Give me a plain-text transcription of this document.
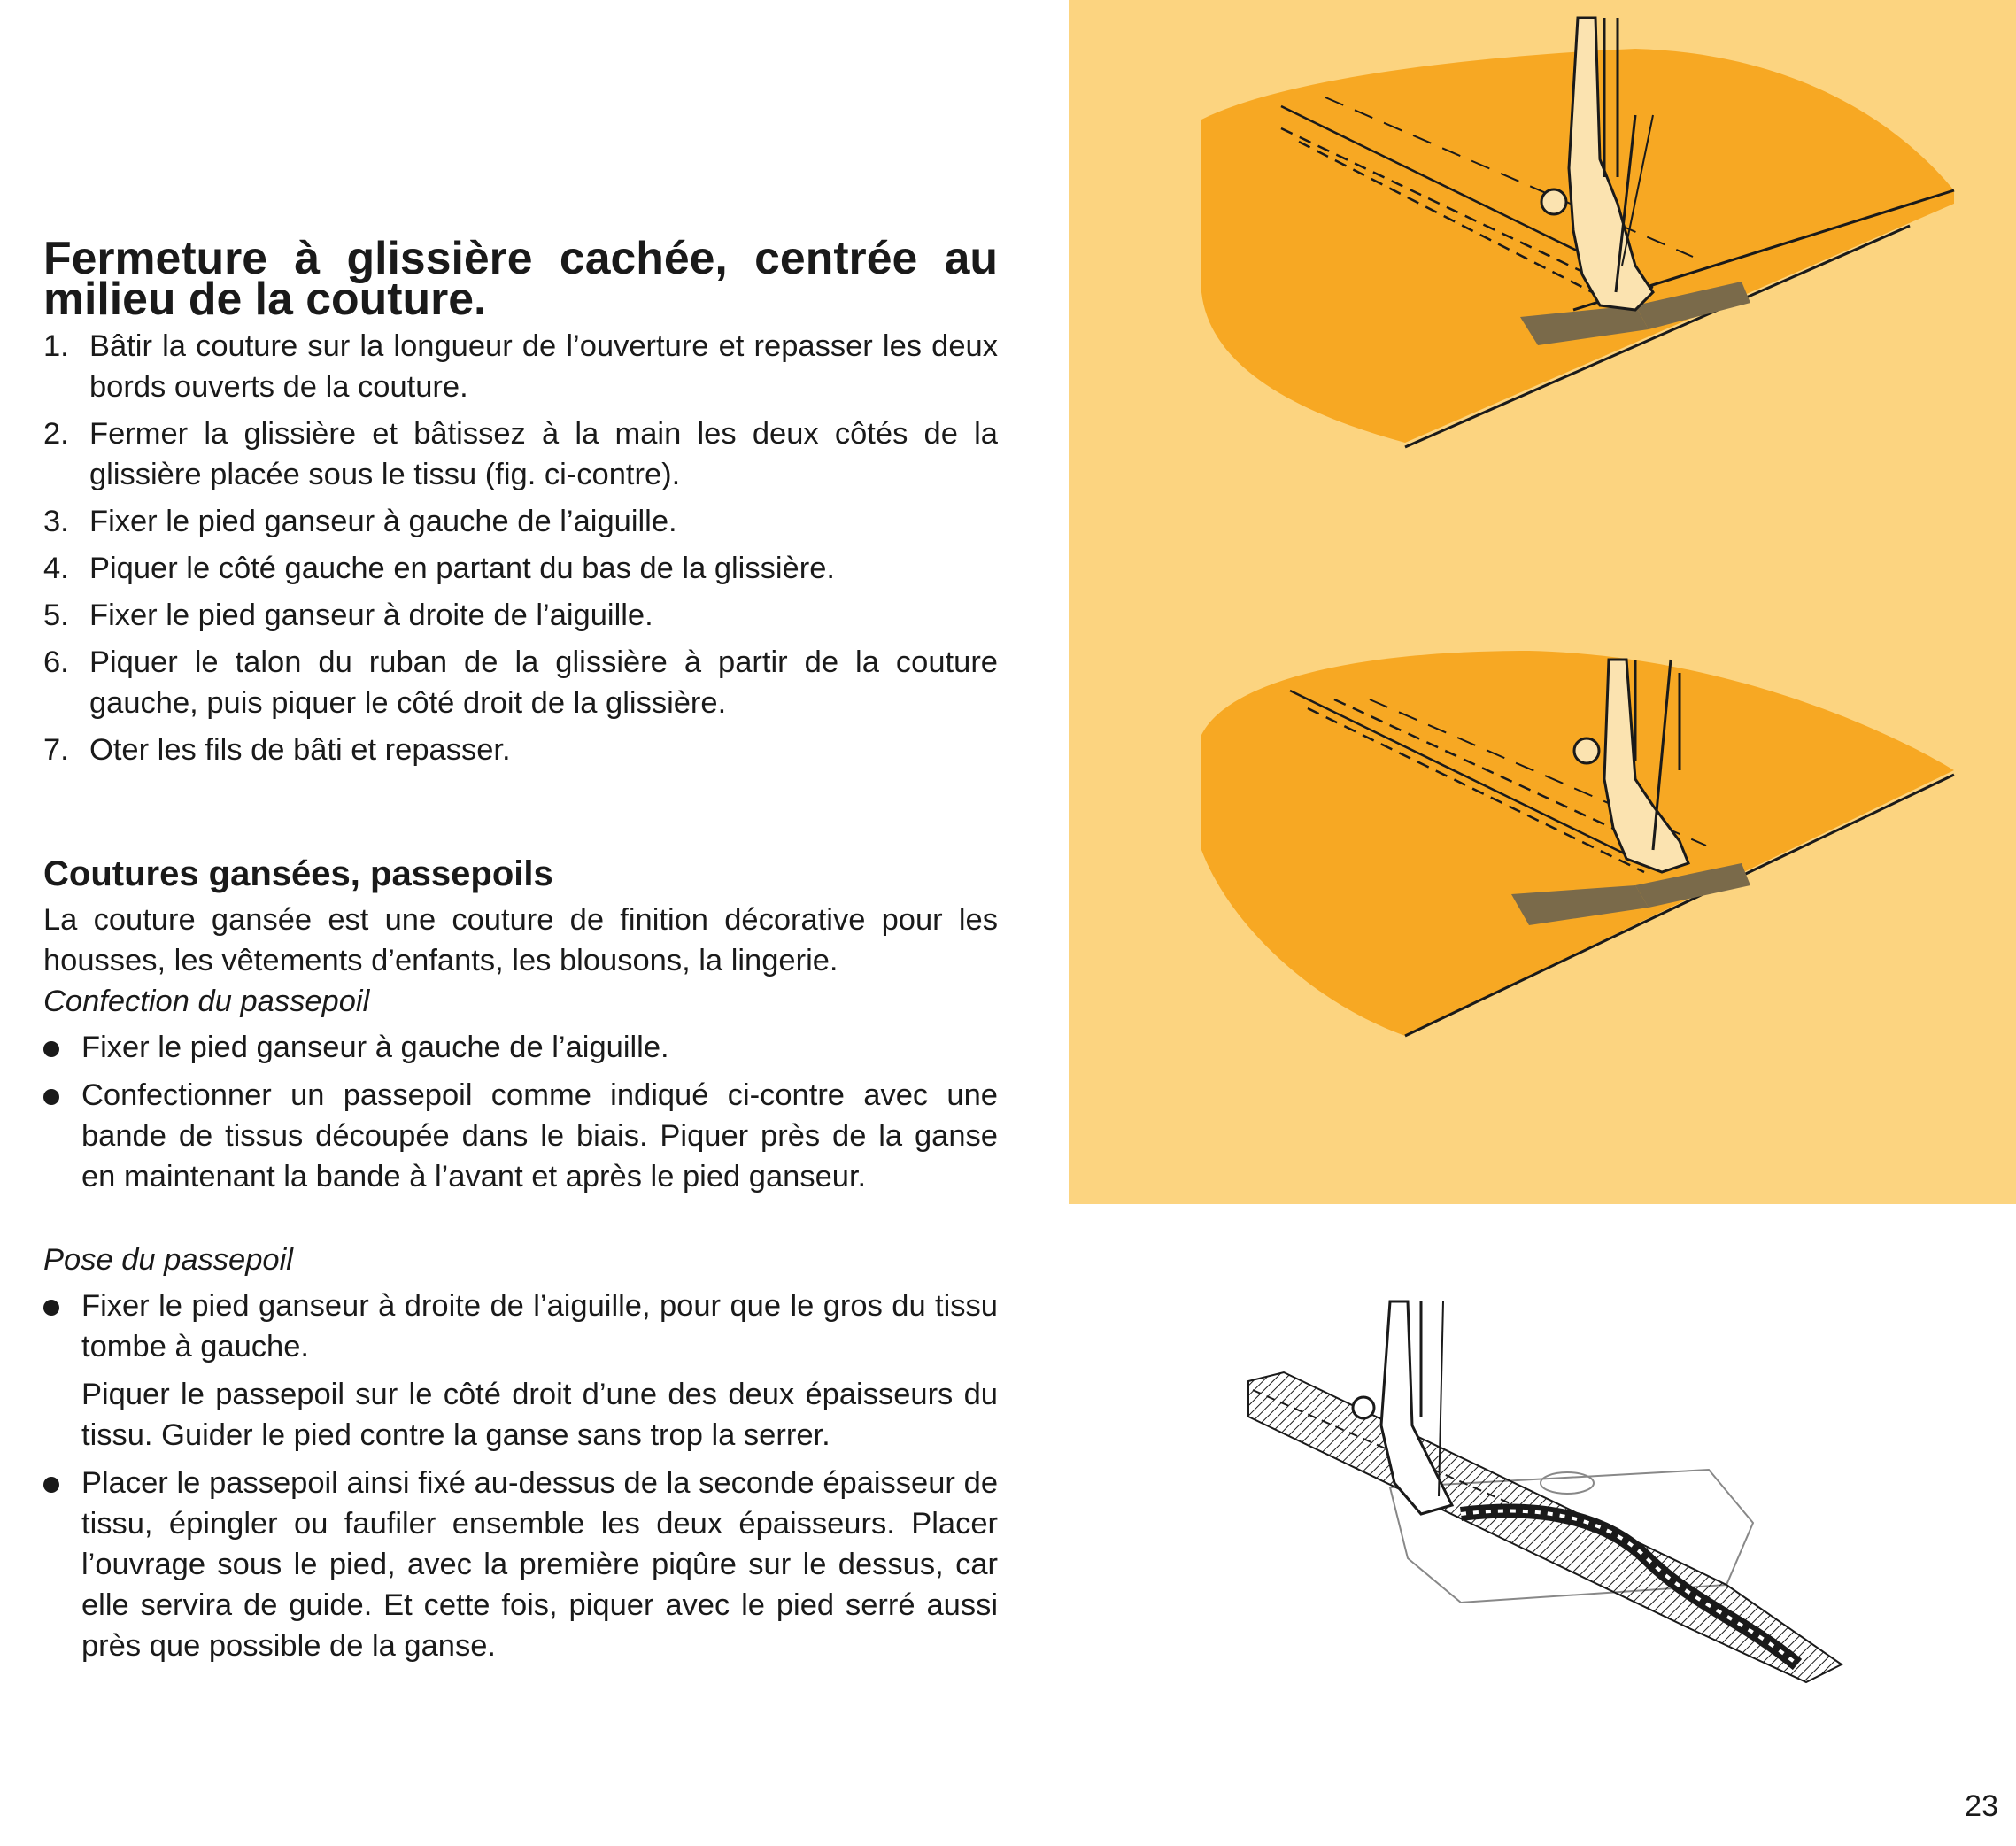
Fermeture à glissière cachée, centrée au milieu de la couture.
1. Bâtir la couture sur la longueur de l’ouverture et repasser les deux bords ouverts de la couture.
2. Fermer la glissière et bâtissez à la main les deux côtés de la glissière placée sous le tissu (fig. ci-contre).
3. Fixer le pied ganseur à gauche de l’aiguille.
4. Piquer le côté gauche en partant du bas de la glissière.
5. Fixer le pied ganseur à droite de l’aiguille.
6. Piquer le talon du ruban de la glissière à partir de la couture gauche, puis piquer le côté droit de la glissière.
7. Oter les fils de bâti et repasser.
Coutures gansées, passepoils

La couture gansée est une couture de finition décorative pour les housses, les vêtements d’enfants, les blousons, la lingerie.

Confection du passepoil

Fixer le pied ganseur à gauche de l’aiguille.
Confectionner un passepoil comme indiqué ci-contre avec une bande de tissus découpée dans le biais. Piquer près de la ganse en maintenant la bande à l’avant et après le pied ganseur.

Pose du passepoil

Fixer le pied ganseur à droite de l’aiguille, pour que le gros du tissu tombe à gauche.
Piquer le passepoil sur le côté droit d’une des deux épaisseurs du tissu. Guider le pied contre la ganse sans trop la serrer.
Placer le passepoil ainsi fixé au-dessus de la seconde épaisseur de tissu, épingler ou faufiler ensemble les deux épaisseurs. Placer l’ouvrage sous le pied, avec la première piqûre sur le dessus, car elle servira de guide. Et cette fois, piquer avec le pied serré aussi près que possible de la ganse.
23
